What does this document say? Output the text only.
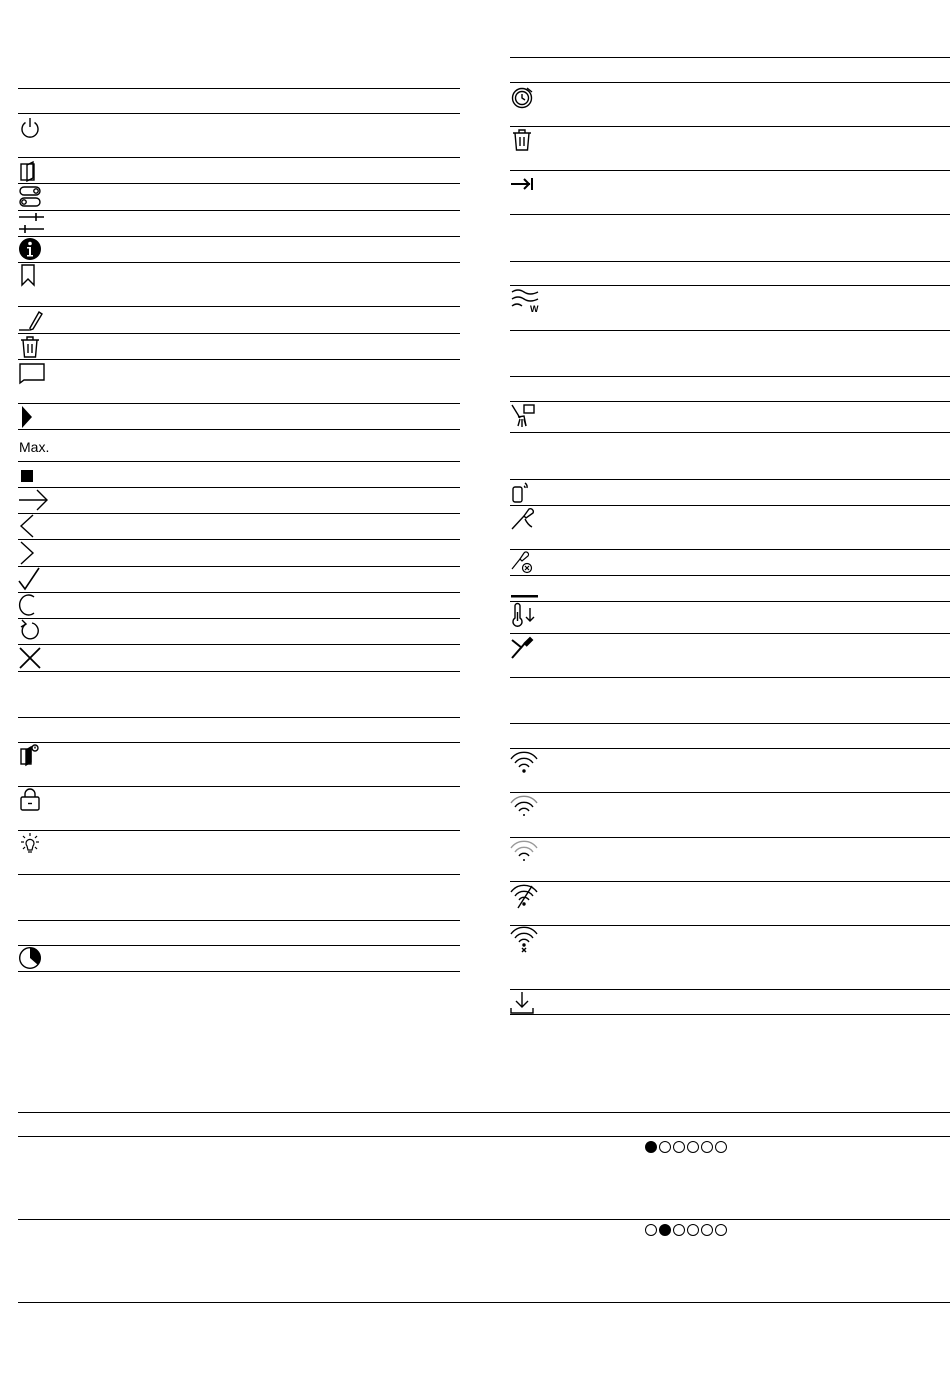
Max.
W
